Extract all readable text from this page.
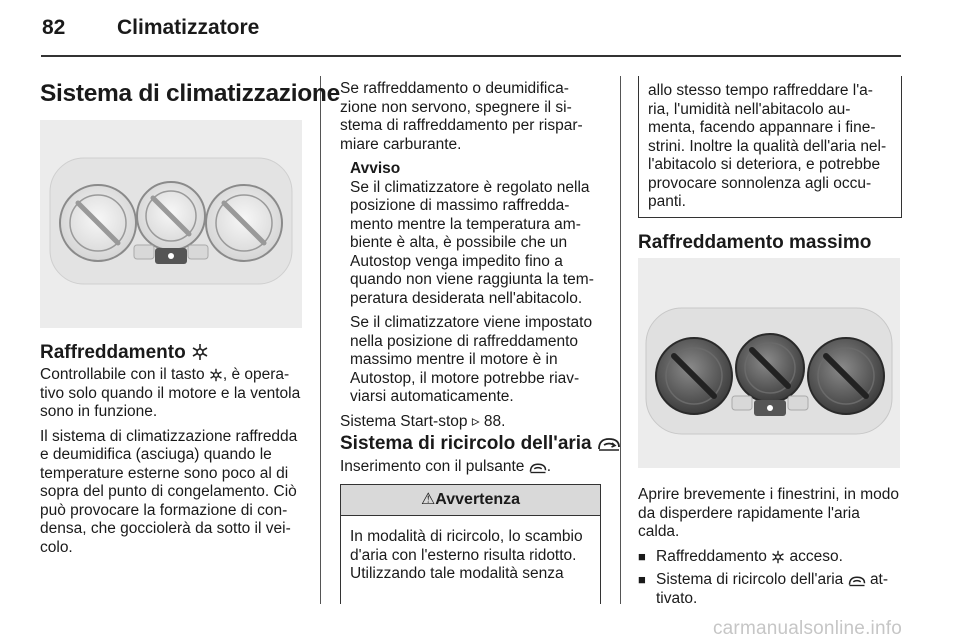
82 Climatizzatore
Sistema di climatizzazione
Raffreddamento

Controllabile con il tasto , è opera-tivo solo quando il motore e la ventola sono in funzione.

Il sistema di climatizzazione raffredda e deumidifica (asciuga) quando le temperature esterne sono poco al di sopra del punto di congelamento. Ciò può provocare la formazione di con-densa, che gocciolerà da sotto il vei-colo.

Se raffreddamento o deumidifica-zione non servono, spegnere il si-stema di raffreddamento per rispar-miare carburante.

Avviso

Se il climatizzatore è regolato nella posizione di massimo raffredda-mento mentre la temperatura am-biente è alta, è possibile che un Autostop venga impedito fino a quando non viene raggiunta la tem-peratura desiderata nell'abitacolo.

Se il climatizzatore viene impostato nella posizione di raffreddamento massimo mentre il motore è in Autostop, il motore potrebbe riav-viarsi automaticamente.

Sistema Start-stop ▹ 88.

Sistema di ricircolo dell'aria
Inserimento con il pulsante .
⚠Avvertenza
In modalità di ricircolo, lo scambio d'aria con l'esterno risulta ridotto. Utilizzando tale modalità senza
allo stesso tempo raffreddare l'a-ria, l'umidità nell'abitacolo au-menta, facendo appannare i fine-strini. Inoltre la qualità dell'aria nel-l'abitacolo si deteriora, e potrebbe provocare sonnolenza agli occu-panti.
Raffreddamento massimo

Aprire brevemente i finestrini, in modo da disperdere rapidamente l'aria calda.

■ Raffreddamento acceso.
■ Sistema di ricircolo dell'aria at-tivato.
carmanualsonline.info
